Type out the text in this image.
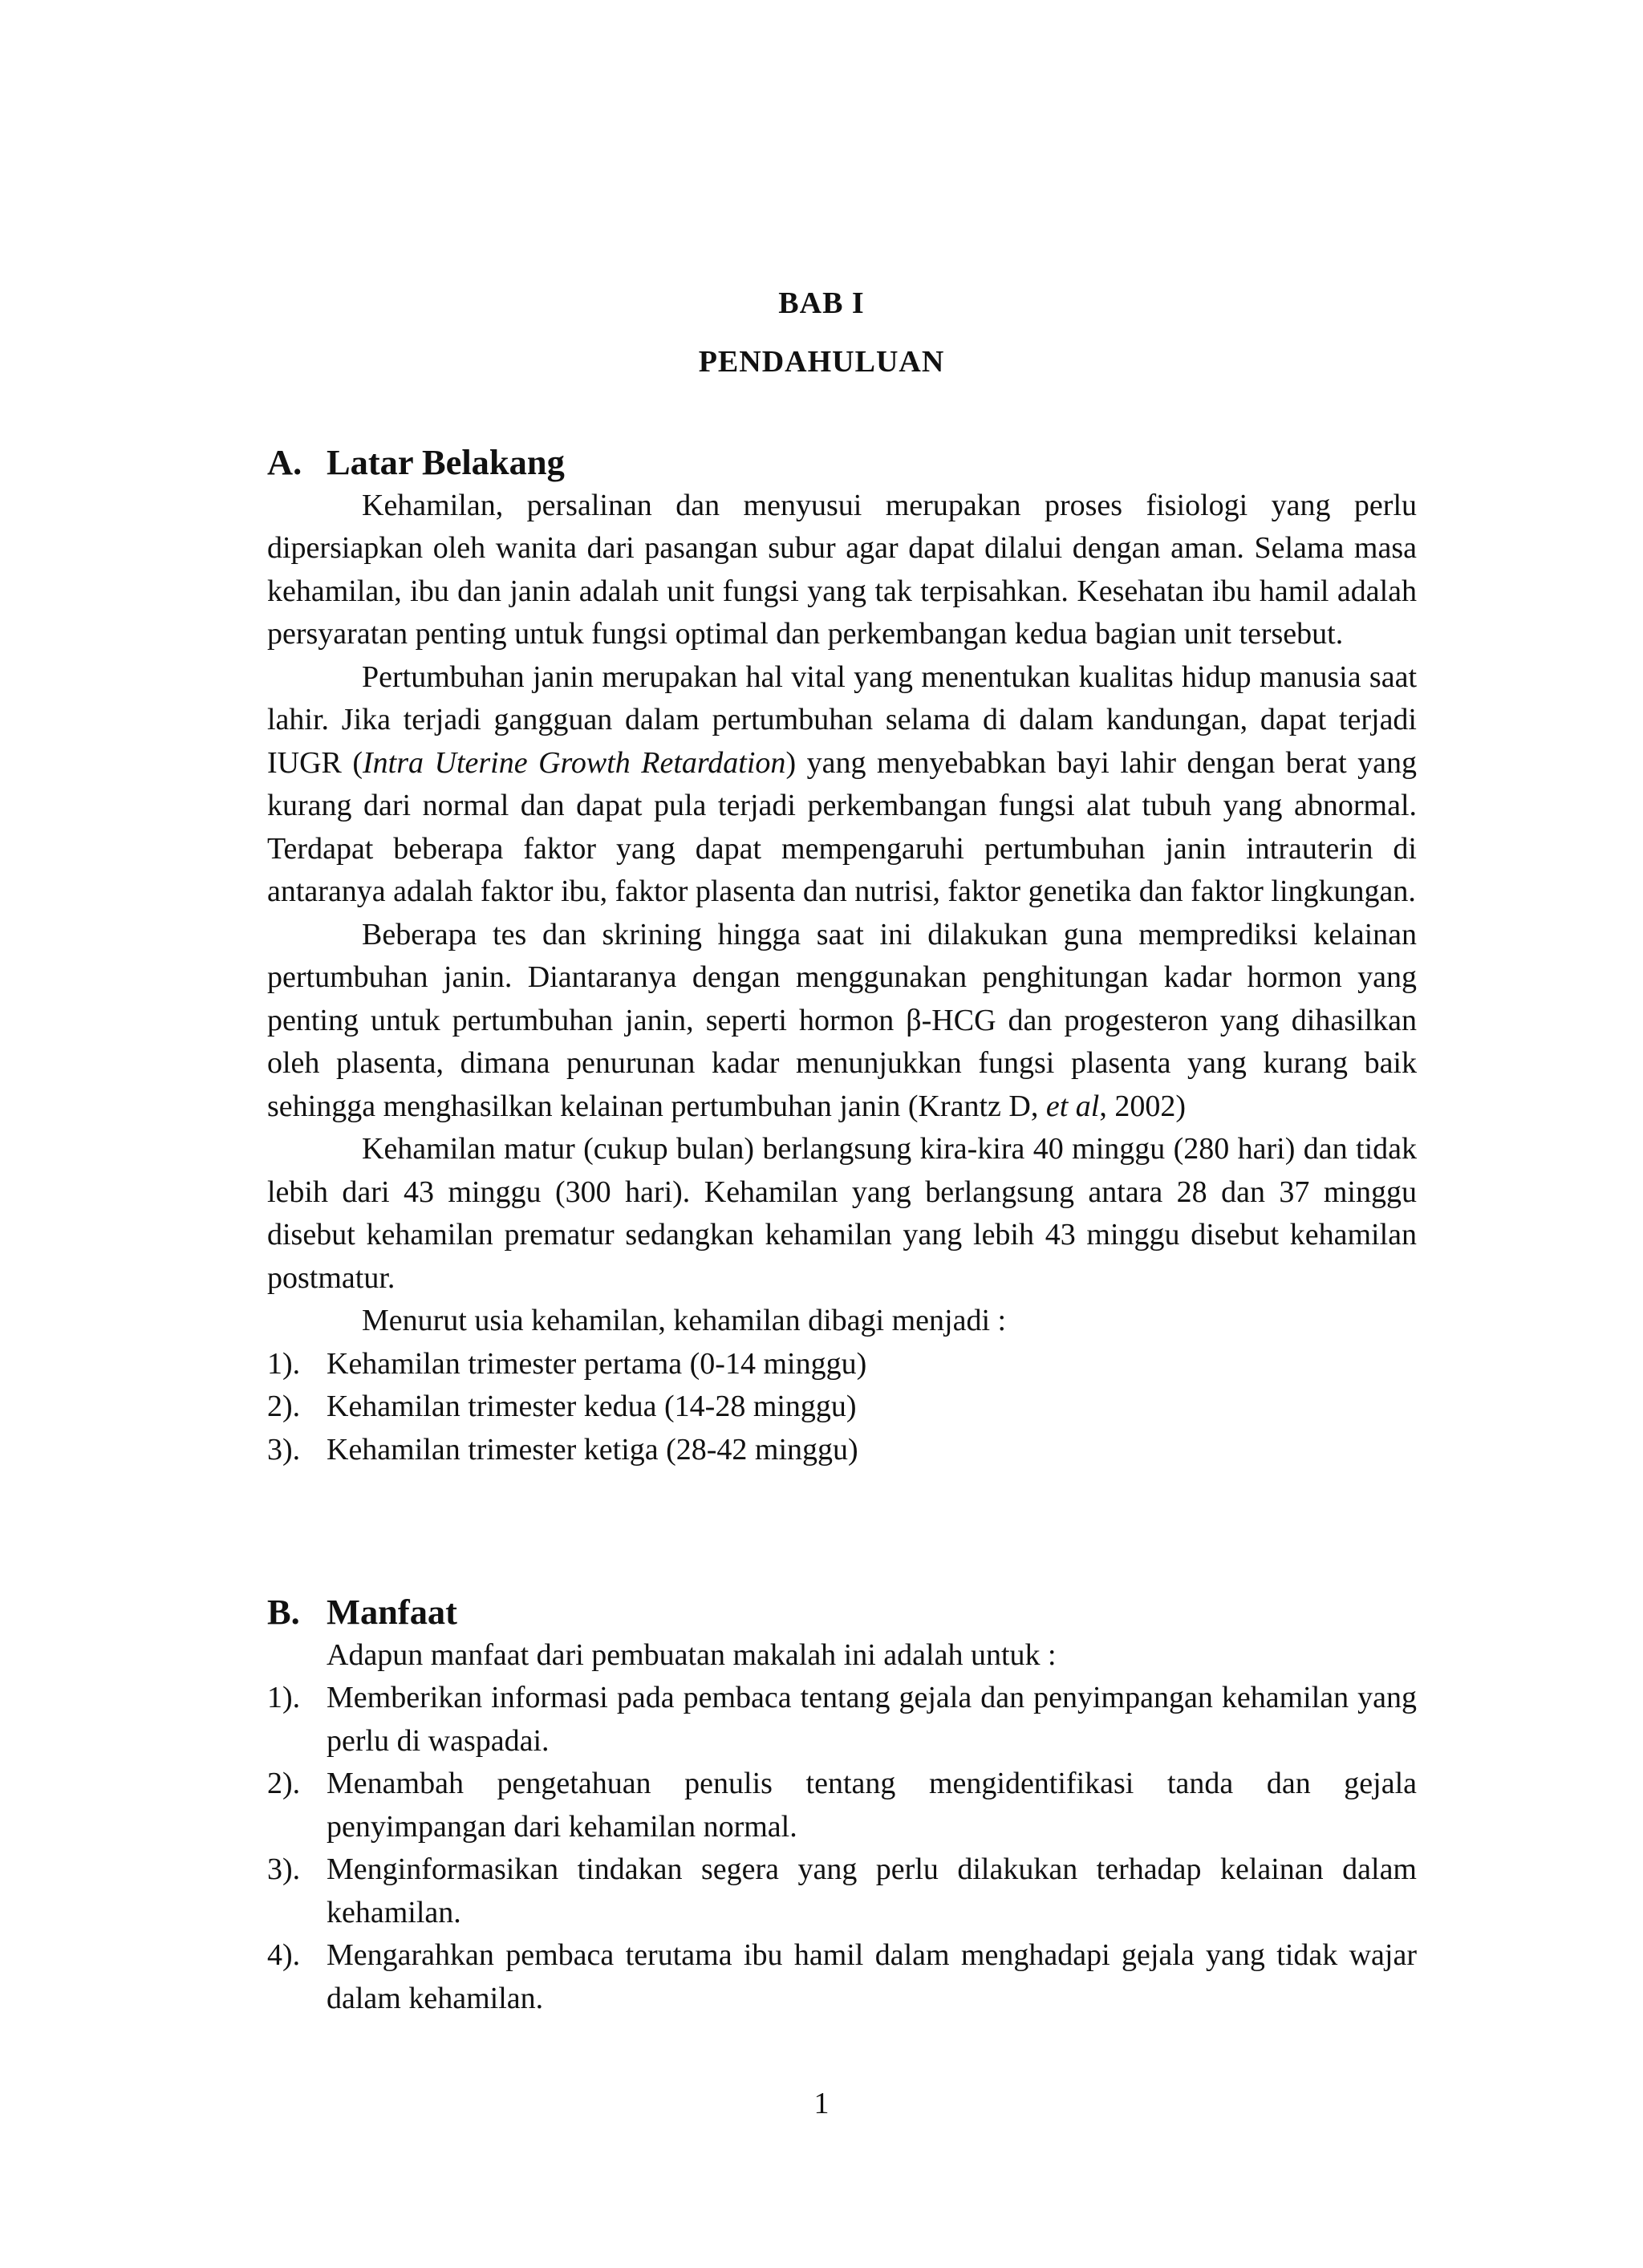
BAB I
PENDAHULUAN
A. Latar Belakang

Kehamilan, persalinan dan menyusui merupakan proses fisiologi yang perlu dipersiapkan oleh wanita dari pasangan subur agar dapat dilalui dengan aman. Selama masa kehamilan, ibu dan janin adalah unit fungsi yang tak terpisahkan. Kesehatan ibu hamil adalah persyaratan penting untuk fungsi optimal dan perkembangan kedua bagian unit tersebut.

Pertumbuhan janin merupakan hal vital yang menentukan kualitas hidup manusia saat lahir. Jika terjadi gangguan dalam pertumbuhan selama di dalam kandungan, dapat terjadi IUGR (Intra Uterine Growth Retardation) yang menyebabkan bayi lahir dengan berat yang kurang dari normal dan dapat pula terjadi perkembangan fungsi alat tubuh yang abnormal. Terdapat beberapa faktor yang dapat mempengaruhi pertumbuhan janin intrauterin di antaranya adalah faktor ibu, faktor plasenta dan nutrisi, faktor genetika dan faktor lingkungan.

Beberapa tes dan skrining hingga saat ini dilakukan guna memprediksi kelainan pertumbuhan janin. Diantaranya dengan menggunakan penghitungan kadar hormon yang penting untuk pertumbuhan janin, seperti hormon β-HCG dan progesteron yang dihasilkan oleh plasenta, dimana penurunan kadar menunjukkan fungsi plasenta yang kurang baik sehingga menghasilkan kelainan pertumbuhan janin (Krantz D, et al, 2002)

Kehamilan matur (cukup bulan) berlangsung kira-kira 40 minggu (280 hari) dan tidak lebih dari 43 minggu (300 hari). Kehamilan yang berlangsung antara 28 dan 37 minggu disebut kehamilan prematur sedangkan kehamilan yang lebih 43 minggu disebut kehamilan postmatur.

Menurut usia kehamilan, kehamilan dibagi menjadi :

1). Kehamilan trimester pertama (0-14 minggu)
2). Kehamilan trimester kedua (14-28 minggu)
3). Kehamilan trimester ketiga (28-42 minggu)
B. Manfaat

Adapun manfaat dari pembuatan makalah ini adalah untuk :

1). Memberikan informasi pada pembaca tentang gejala dan penyimpangan kehamilan yang perlu di waspadai.
2). Menambah pengetahuan penulis tentang mengidentifikasi tanda dan gejala penyimpangan dari kehamilan normal.
3). Menginformasikan tindakan segera yang perlu dilakukan terhadap kelainan dalam kehamilan.
4). Mengarahkan pembaca terutama ibu hamil dalam menghadapi gejala yang tidak wajar dalam kehamilan.
1
